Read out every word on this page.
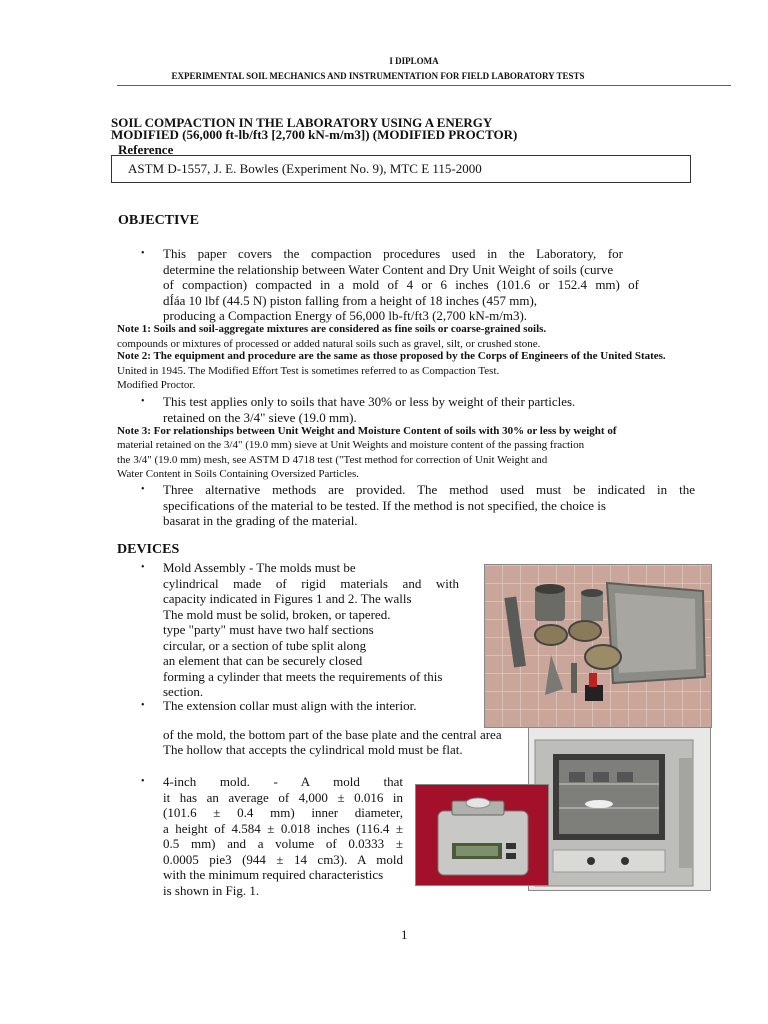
I DIPLOMA
EXPERIMENTAL SOIL MECHANICS AND INSTRUMENTATION FOR FIELD LABORATORY TESTS
SOIL COMPACTION IN THE LABORATORY USING A ENERGY
MODIFIED (56,000 ft-lb/ft3 [2,700 kN-m/m3]) (MODIFIED PROCTOR)
Reference
ASTM D-1557, J. E. Bowles (Experiment No. 9), MTC E 115-2000
OBJECTIVE
• This paper covers the compaction procedures used in the Laboratory, for
determine the relationship between Water Content and Dry Unit Weight of soils (curve
of compaction) compacted in a mold of 4 or 6 inches (101.6 or 152.4 mm) of
dÍáa 10 lbf (44.5 N) piston falling from a height of 18 inches (457 mm),
producing a Compaction Energy of 56,000 lb-ft/ft3 (2,700 kN-m/m3).
Note 1: Soils and soil-aggregate mixtures are considered as fine soils or coarse-grained soils.
compounds or mixtures of processed or added natural soils such as gravel, silt, or crushed stone.
Note 2: The equipment and procedure are the same as those proposed by the Corps of Engineers of the United States.
United in 1945. The Modified Effort Test is sometimes referred to as Compaction Test.
Modified Proctor.
• This test applies only to soils that have 30% or less by weight of their particles.
retained on the 3/4" sieve (19.0 mm).
Note 3: For relationships between Unit Weight and Moisture Content of soils with 30% or less by weight of
material retained on the 3/4" (19.0 mm) sieve at Unit Weights and moisture content of the passing fraction
the 3/4" (19.0 mm) mesh, see ASTM D 4718 test ("Test method for correction of Unit Weight and
Water Content in Soils Containing Oversized Particles.
• Three alternative methods are provided. The method used must be indicated in the
specifications of the material to be tested. If the method is not specified, the choice is
basarat in the grading of the material.
DEVICES
• Mold Assembly - The molds must be
cylindrical made of rigid materials and with
capacity indicated in Figures 1 and 2. The walls
The mold must be solid, broken, or tapered.
type "party" must have two half sections
circular, or a section of tube split along
an element that can be securely closed
forming a cylinder that meets the requirements of this
section.
• The extension collar must align with the interior.
of the mold, the bottom part of the base plate and the central area
The hollow that accepts the cylindrical mold must be flat.
• 4-inch mold. - A mold that
it has an average of 4,000 ± 0.016 in
(101.6 ± 0.4 mm) inner diameter,
a height of 4.584 ± 0.018 inches (116.4 ±
0.5 mm) and a volume of 0.0333 ±
0.0005 pie3 (944 ± 14 cm3). A mold
with the minimum required characteristics
is shown in Fig. 1.
1
